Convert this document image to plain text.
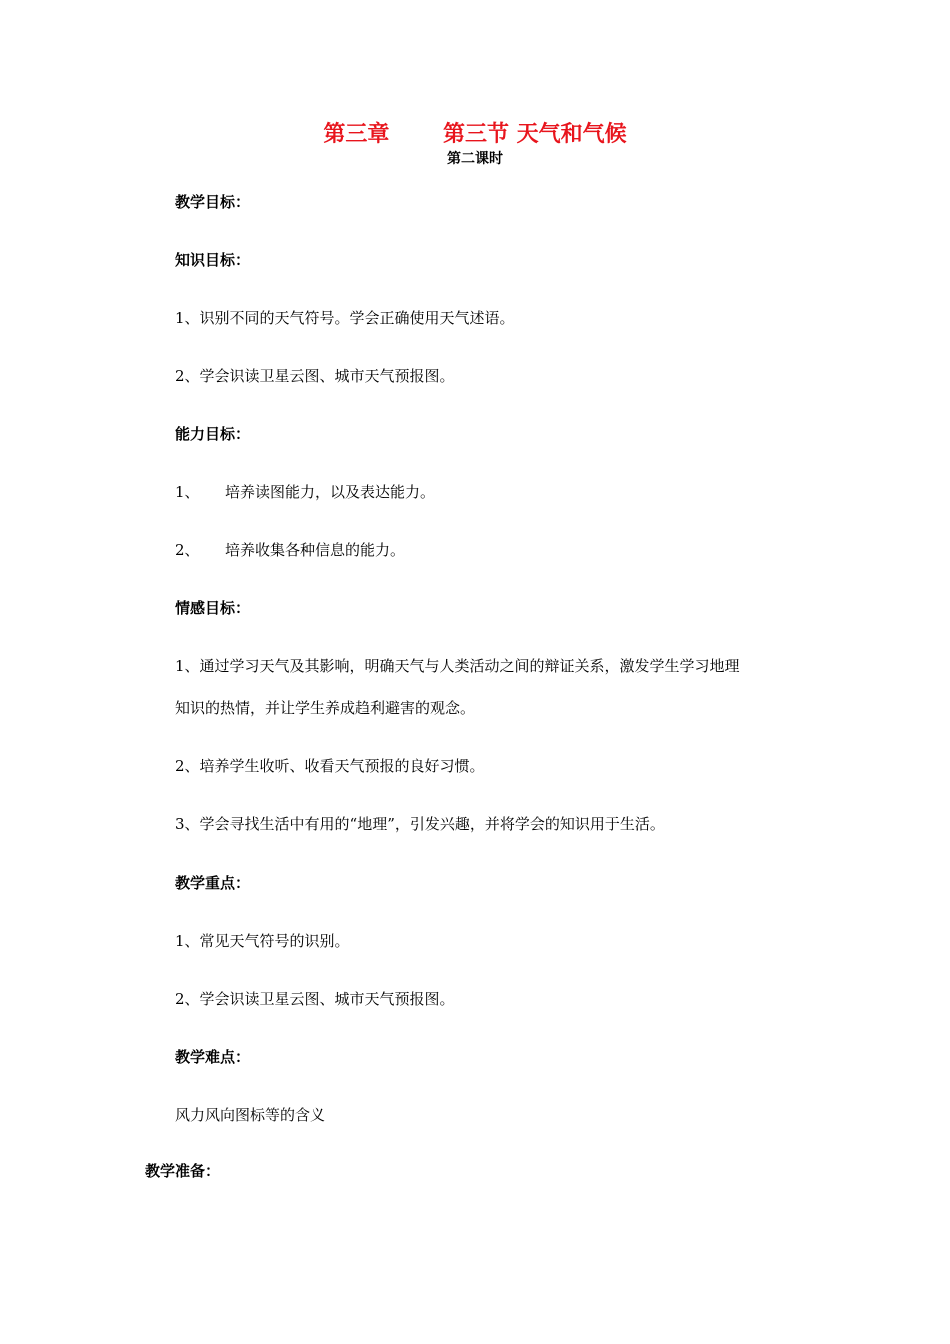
第三章 第三节 天气和气候
第二课时
教学目标：
知识目标：
1、识别不同的天气符号。学会正确使用天气述语。
2、学会识读卫星云图、城市天气预报图。
能力目标：
1、 培养读图能力，以及表达能力。
2、 培养收集各种信息的能力。
情感目标：
1、通过学习天气及其影响，明确天气与人类活动之间的辩证关系，激发学生学习地理
知识的热情，并让学生养成趋利避害的观念。
2、培养学生收听、收看天气预报的良好习惯。
3、学会寻找生活中有用的“地理”，引发兴趣，并将学会的知识用于生活。
教学重点：
1、常见天气符号的识别。
2、学会识读卫星云图、城市天气预报图。
教学难点：
风力风向图标等的含义
教学准备：
